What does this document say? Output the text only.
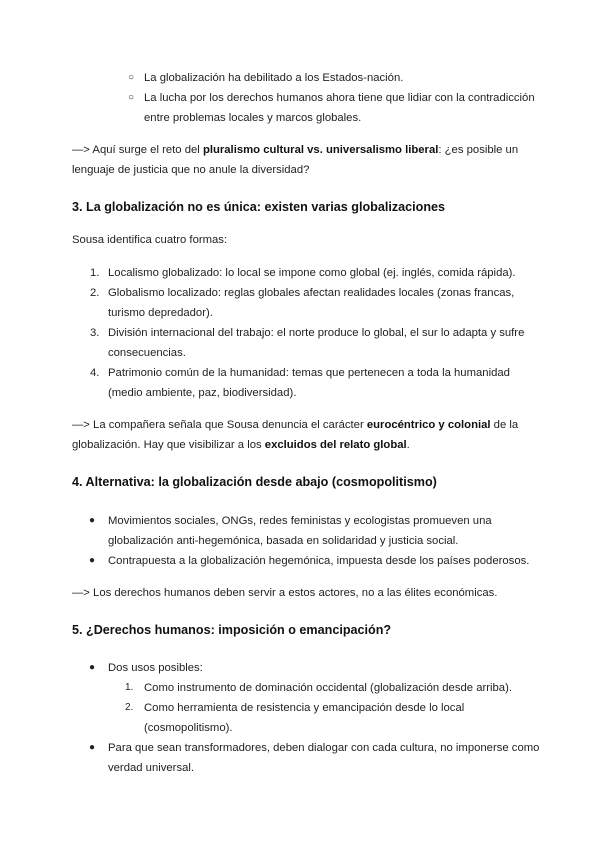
○ La globalización ha debilitado a los Estados-nación.
○ La lucha por los derechos humanos ahora tiene que lidiar con la contradicción entre problemas locales y marcos globales.

—> Aquí surge el reto del pluralismo cultural vs. universalismo liberal: ¿es posible un lenguaje de justicia que no anule la diversidad?

3. La globalización no es única: existen varias globalizaciones

Sousa identifica cuatro formas:

1. Localismo globalizado: lo local se impone como global (ej. inglés, comida rápida).
2. Globalismo localizado: reglas globales afectan realidades locales (zonas francas, turismo depredador).
3. División internacional del trabajo: el norte produce lo global, el sur lo adapta y sufre consecuencias.
4. Patrimonio común de la humanidad: temas que pertenecen a toda la humanidad (medio ambiente, paz, biodiversidad).

—> La compañera señala que Sousa denuncia el carácter eurocéntrico y colonial de la globalización. Hay que visibilizar a los excluidos del relato global.

4. Alternativa: la globalización desde abajo (cosmopolitismo)
● Movimientos sociales, ONGs, redes feministas y ecologistas promueven una globalización anti-hegemónica, basada en solidaridad y justicia social.
● Contrapuesta a la globalización hegemónica, impuesta desde los países poderosos.

—> Los derechos humanos deben servir a estos actores, no a las élites económicas.

5. ¿Derechos humanos: imposición o emancipación?
● Dos usos posibles:
1. Como instrumento de dominación occidental (globalización desde arriba).
2. Como herramienta de resistencia y emancipación desde lo local (cosmopolitismo).
● Para que sean transformadores, deben dialogar con cada cultura, no imponerse como verdad universal.
